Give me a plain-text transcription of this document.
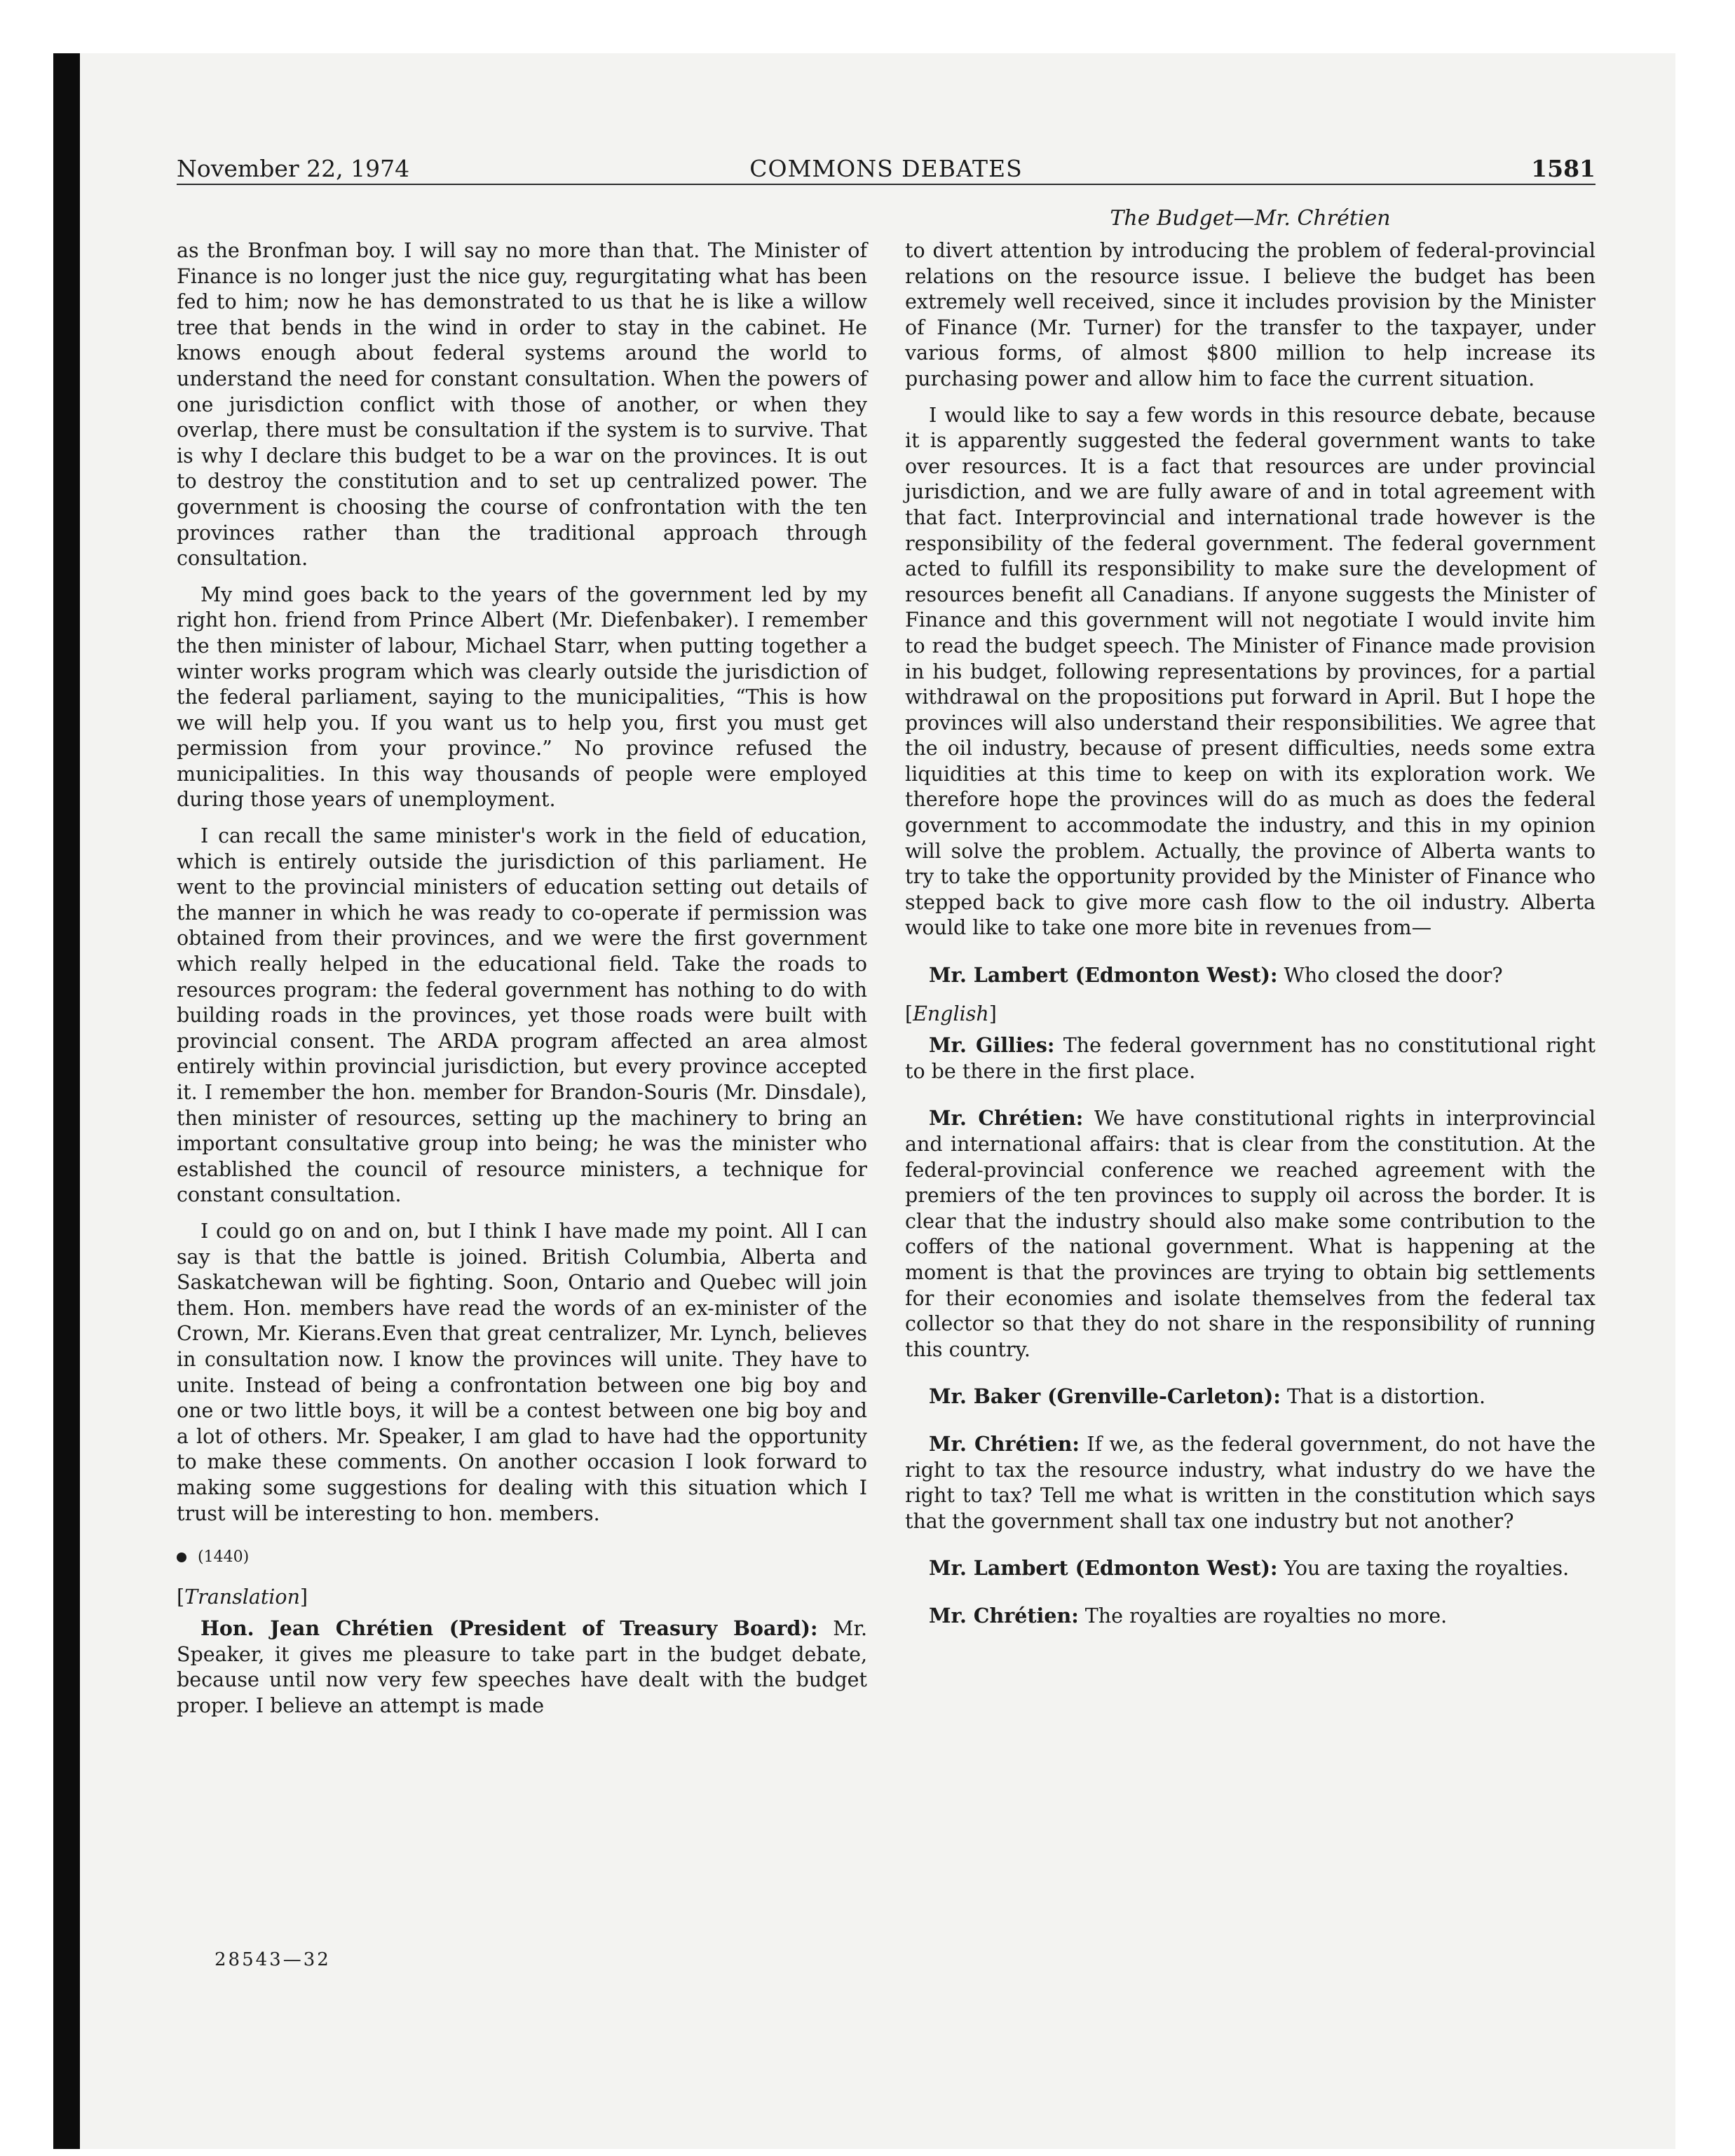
November 22, 1974	COMMONS DEBATES	1581
The Budget—Mr. Chrétien

as the Bronfman boy. I will say no more than that. The Minister of Finance is no longer just the nice guy, regurgitating what has been fed to him; now he has demonstrated to us that he is like a willow tree that bends in the wind in order to stay in the cabinet. He knows enough about federal systems around the world to understand the need for constant consultation. When the powers of one jurisdiction conflict with those of another, or when they overlap, there must be consultation if the system is to survive. That is why I declare this budget to be a war on the provinces. It is out to destroy the constitution and to set up centralized power. The government is choosing the course of confrontation with the ten provinces rather than the traditional approach through consultation.

My mind goes back to the years of the government led by my right hon. friend from Prince Albert (Mr. Diefenbaker). I remember the then minister of labour, Michael Starr, when putting together a winter works program which was clearly outside the jurisdiction of the federal parliament, saying to the municipalities, “This is how we will help you. If you want us to help you, first you must get permission from your province.” No province refused the municipalities. In this way thousands of people were employed during those years of unemployment.

I can recall the same minister's work in the field of education, which is entirely outside the jurisdiction of this parliament. He went to the provincial ministers of education setting out details of the manner in which he was ready to co-operate if permission was obtained from their provinces, and we were the first government which really helped in the educational field. Take the roads to resources program: the federal government has nothing to do with building roads in the provinces, yet those roads were built with provincial consent. The ARDA program affected an area almost entirely within provincial jurisdiction, but every province accepted it. I remember the hon. member for Brandon-Souris (Mr. Dinsdale), then minister of resources, setting up the machinery to bring an important consultative group into being; he was the minister who established the council of resource ministers, a technique for constant consultation.

I could go on and on, but I think I have made my point. All I can say is that the battle is joined. British Columbia, Alberta and Saskatchewan will be fighting. Soon, Ontario and Quebec will join them. Hon. members have read the words of an ex-minister of the Crown, Mr. Kierans.Even that great centralizer, Mr. Lynch, believes in consultation now. I know the provinces will unite. They have to unite. Instead of being a confrontation between one big boy and one or two little boys, it will be a contest between one big boy and a lot of others. Mr. Speaker, I am glad to have had the opportunity to make these comments. On another occasion I look forward to making some suggestions for dealing with this situation which I trust will be interesting to hon. members.

(1440)
[Translation]

Hon. Jean Chrétien (President of Treasury Board): Mr. Speaker, it gives me pleasure to take part in the budget debate, because until now very few speeches have dealt with the budget proper. I believe an attempt is made

to divert attention by introducing the problem of federal-provincial relations on the resource issue. I believe the budget has been extremely well received, since it includes provision by the Minister of Finance (Mr. Turner) for the transfer to the taxpayer, under various forms, of almost $800 million to help increase its purchasing power and allow him to face the current situation.

I would like to say a few words in this resource debate, because it is apparently suggested the federal government wants to take over resources. It is a fact that resources are under provincial jurisdiction, and we are fully aware of and in total agreement with that fact. Interprovincial and international trade however is the responsibility of the federal government. The federal government acted to fulfill its responsibility to make sure the development of resources benefit all Canadians. If anyone suggests the Minister of Finance and this government will not negotiate I would invite him to read the budget speech. The Minister of Finance made provision in his budget, following representations by provinces, for a partial withdrawal on the propositions put forward in April. But I hope the provinces will also understand their responsibilities. We agree that the oil industry, because of present difficulties, needs some extra liquidities at this time to keep on with its exploration work. We therefore hope the provinces will do as much as does the federal government to accommodate the industry, and this in my opinion will solve the problem. Actually, the province of Alberta wants to try to take the opportunity provided by the Minister of Finance who stepped back to give more cash flow to the oil industry. Alberta would like to take one more bite in revenues from—

Mr. Lambert (Edmonton West): Who closed the door?

[English]

Mr. Gillies: The federal government has no constitutional right to be there in the first place.

Mr. Chrétien: We have constitutional rights in interprovincial and international affairs: that is clear from the constitution. At the federal-provincial conference we reached agreement with the premiers of the ten provinces to supply oil across the border. It is clear that the industry should also make some contribution to the coffers of the national government. What is happening at the moment is that the provinces are trying to obtain big settlements for their economies and isolate themselves from the federal tax collector so that they do not share in the responsibility of running this country.

Mr. Baker (Grenville-Carleton): That is a distortion.

Mr. Chrétien: If we, as the federal government, do not have the right to tax the resource industry, what industry do we have the right to tax? Tell me what is written in the constitution which says that the government shall tax one industry but not another?

Mr. Lambert (Edmonton West): You are taxing the royalties.

Mr. Chrétien: The royalties are royalties no more.

28543—32
